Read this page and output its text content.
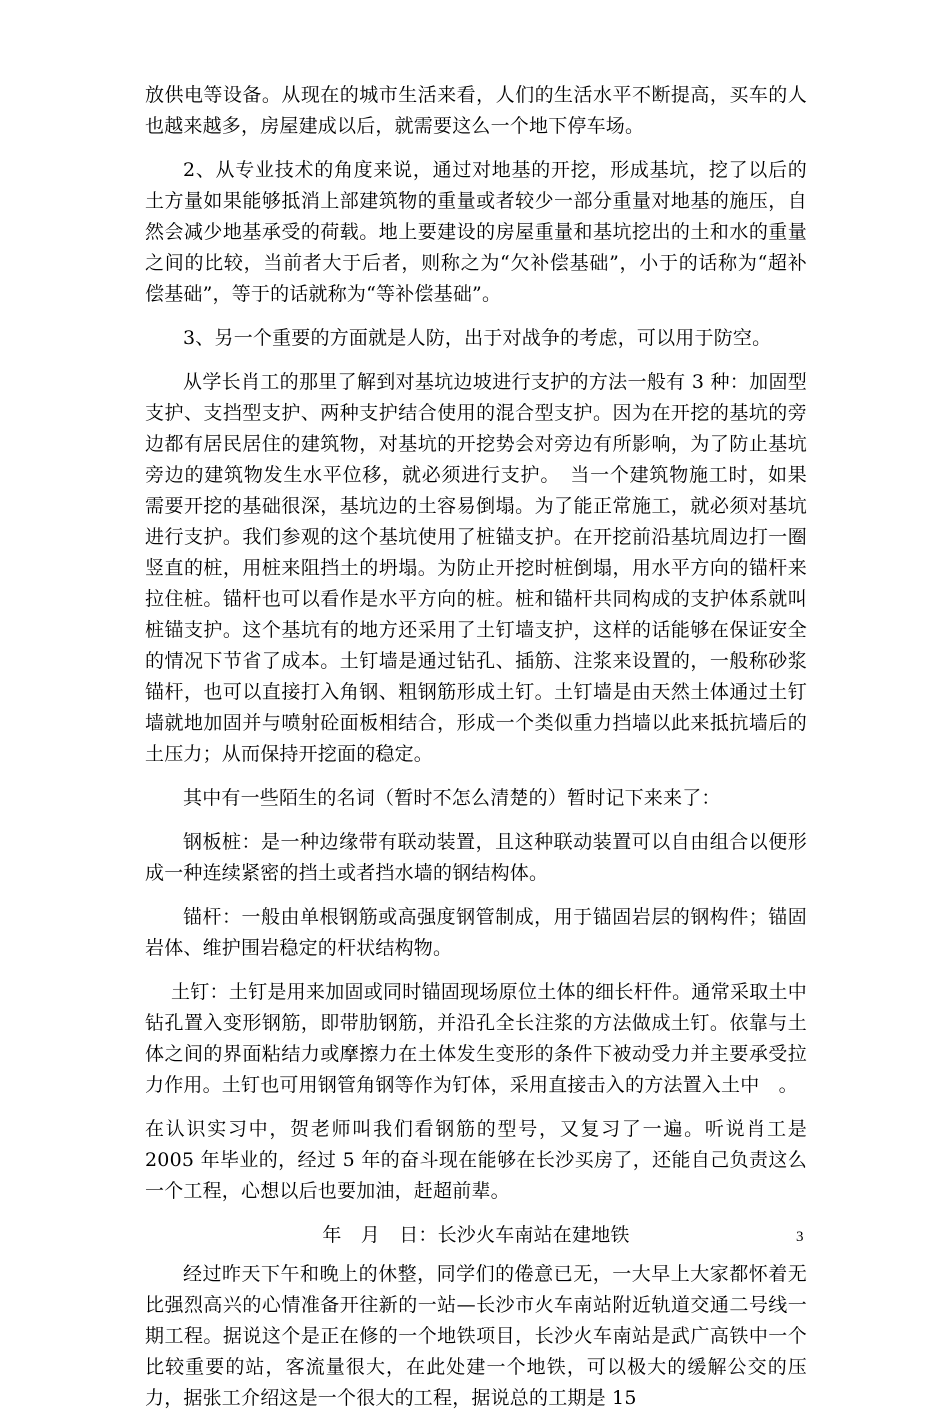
放供电等设备。从现在的城市生活来看，人们的生活水平不断提高，买车的人也越来越多，房屋建成以后，就需要这么一个地下停车场。

2、从专业技术的角度来说，通过对地基的开挖，形成基坑，挖了以后的土方量如果能够抵消上部建筑物的重量或者较少一部分重量对地基的施压，自然会减少地基承受的荷载。地上要建设的房屋重量和基坑挖出的土和水的重量之间的比较，当前者大于后者，则称之为“欠补偿基础”，小于的话称为“超补偿基础”，等于的话就称为“等补偿基础”。

3、另一个重要的方面就是人防，出于对战争的考虑，可以用于防空。

从学长肖工的那里了解到对基坑边坡进行支护的方法一般有 3 种：加固型支护、支挡型支护、两种支护结合使用的混合型支护。因为在开挖的基坑的旁边都有居民居住的建筑物，对基坑的开挖势会对旁边有所影响，为了防止基坑旁边的建筑物发生水平位移，就必须进行支护。　当一个建筑物施工时，如果需要开挖的基础很深，基坑边的土容易倒塌。为了能正常施工，就必须对基坑进行支护。我们参观的这个基坑使用了桩锚支护。在开挖前沿基坑周边打一圈竖直的桩，用桩来阻挡土的坍塌。为防止开挖时桩倒塌，用水平方向的锚杆来拉住桩。锚杆也可以看作是水平方向的桩。桩和锚杆共同构成的支护体系就叫桩锚支护。这个基坑有的地方还采用了土钉墙支护，这样的话能够在保证安全的情况下节省了成本。土钉墙是通过钻孔、插筋、注浆来设置的，一般称砂浆锚杆，也可以直接打入角钢、粗钢筋形成土钉。土钉墙是由天然土体通过土钉墙就地加固并与喷射砼面板相结合，形成一个类似重力挡墙以此来抵抗墙后的土压力；从而保持开挖面的稳定。

其中有一些陌生的名词（暂时不怎么清楚的）暂时记下来来了：

钢板桩：是一种边缘带有联动装置，且这种联动装置可以自由组合以便形成一种连续紧密的挡土或者挡水墙的钢结构体。

锚杆：一般由单根钢筋或高强度钢管制成，用于锚固岩层的钢构件；锚固岩体、维护围岩稳定的杆状结构物。

土钉：土钉是用来加固或同时锚固现场原位土体的细长杆件。通常采取土中钻孔置入变形钢筋，即带肋钢筋，并沿孔全长注浆的方法做成土钉。依靠与土体之间的界面粘结力或摩擦力在土体发生变形的条件下被动受力并主要承受拉力作用。土钉也可用钢管角钢等作为钉体，采用直接击入的方法置入土中　。

在认识实习中，贺老师叫我们看钢筋的型号，又复习了一遍。听说肖工是 2005 年毕业的，经过 5 年的奋斗现在能够在长沙买房了，还能自己负责这么一个工程，心想以后也要加油，赶超前辈。

年　月　日：长沙火车南站在建地铁

经过昨天下午和晚上的休整，同学们的倦意已无，一大早上大家都怀着无比强烈高兴的心情准备开往新的一站—长沙市火车南站附近轨道交通二号线一期工程。据说这个是正在修的一个地铁项目，长沙火车南站是武广高铁中一个比较重要的站，客流量很大，在此处建一个地铁，可以极大的缓解公交的压力，据张工介绍这是一个很大的工程，据说总的工期是 15

3
